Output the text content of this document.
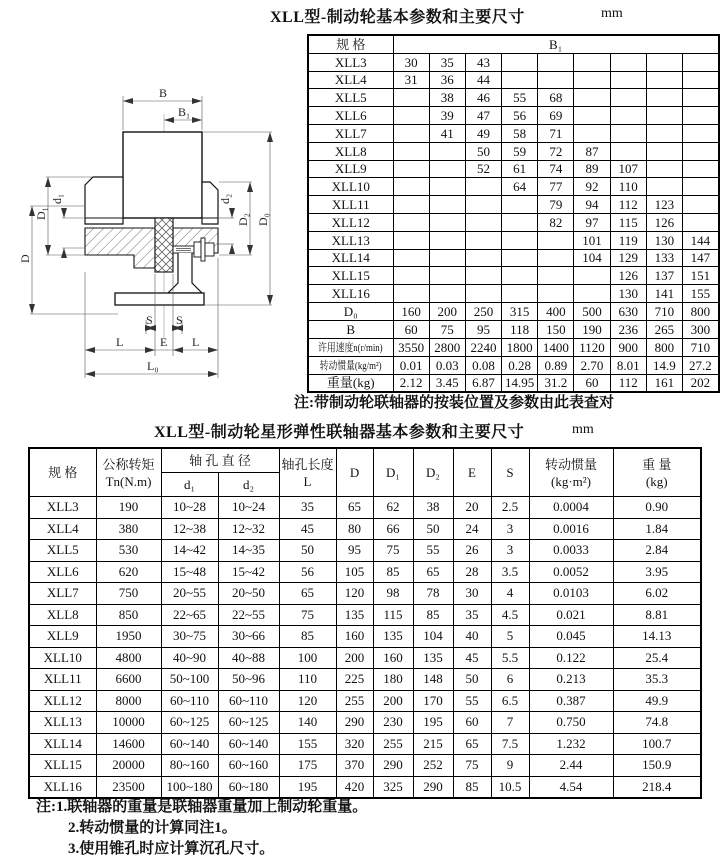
XLL型-制动轮基本参数和主要尺寸	mm
B
B₁
D
D₁
d₁	d₂
D₂ D₀
S S
L	E L
L₀
规 格	B₁								
XLL3	30	35	43						
XLL4	31	36	44						
XLL5		38	46	55	68				
XLL6		39	47	56	69				
XLL7		41	49	58	71				
XLL8			50	59	72	87			
XLL9			52	61	74	89	107		
XLL10				64	77	92	110		
XLL11					79	94	112	123	
XLL12					82	97	115	126	
XLL13						101	119	130	144
XLL14						104	129	133	147
XLL15							126	137	151
XLL16							130	141	155
D₀	160	200	250	315	400	500	630	710	800
B	60	75	95	118	150	190	236	265	300
许用速度n(r/min)	3550	2800	2240	1800	1400	1120	900	800	710
转动惯量(kg/m²)	0.01	0.03	0.08	0.28	0.89	2.70	8.01	14.9	27.2
重量(kg)	2.12	3.45	6.87	14.95	31.2	60	112	161	202
注:带制动轮联轴器的按装位置及参数由此表查对
XLL型-制动轮星形弹性联轴器基本参数和主要尺寸	mm
规 格	
公称转矩
Tn(N.m)
	轴 孔 直 径	轴孔长度
L
	D	D₁	D₂	E	S	
转动惯量
(kg·m²)

重 量
(kg)

		d₁	d₂								
XLL3	190	10~28	10~24	35	65	62	38	20	2.5	0.0004	0.90
XLL4	380	12~38	12~32	45	80	66	50	24	3	0.0016	1.84
XLL5	530	14~42	14~35	50	95	75	55	26	3	0.0033	2.84
XLL6	620	15~48	15~42	56	105	85	65	28	3.5	0.0052	3.95
XLL7	750	20~55	20~50	65	120	98	78	30	4	0.0103	6.02
XLL8	850	22~65	22~55	75	135	115	85	35	4.5	0.021	8.81
XLL9	1950	30~75	30~66	85	160	135	104	40	5	0.045	14.13
XLL10	4800	40~90	40~88	100	200	160	135	45	5.5	0.122	25.4
XLL11	6600	50~100	50~96	110	225	180	148	50	6	0.213	35.3
XLL12	8000	60~110	60~110	120	255	200	170	55	6.5	0.387	49.9
XLL13	10000	60~125	60~125	140	290	230	195	60	7	0.750	74.8
XLL14	14600	60~140	60~140	155	320	255	215	65	7.5	1.232	100.7
XLL15	20000	80~160	60~160	175	370	290	252	75	9	2.44	150.9
XLL16	23500	100~180	60~180	195	420	325	290	85	10.5	4.54	218.4
注:1.联轴器的重量是联轴器重量加上制动轮重量。
2.转动惯量的计算同注1。
3.使用锥孔时应计算沉孔尺寸。
